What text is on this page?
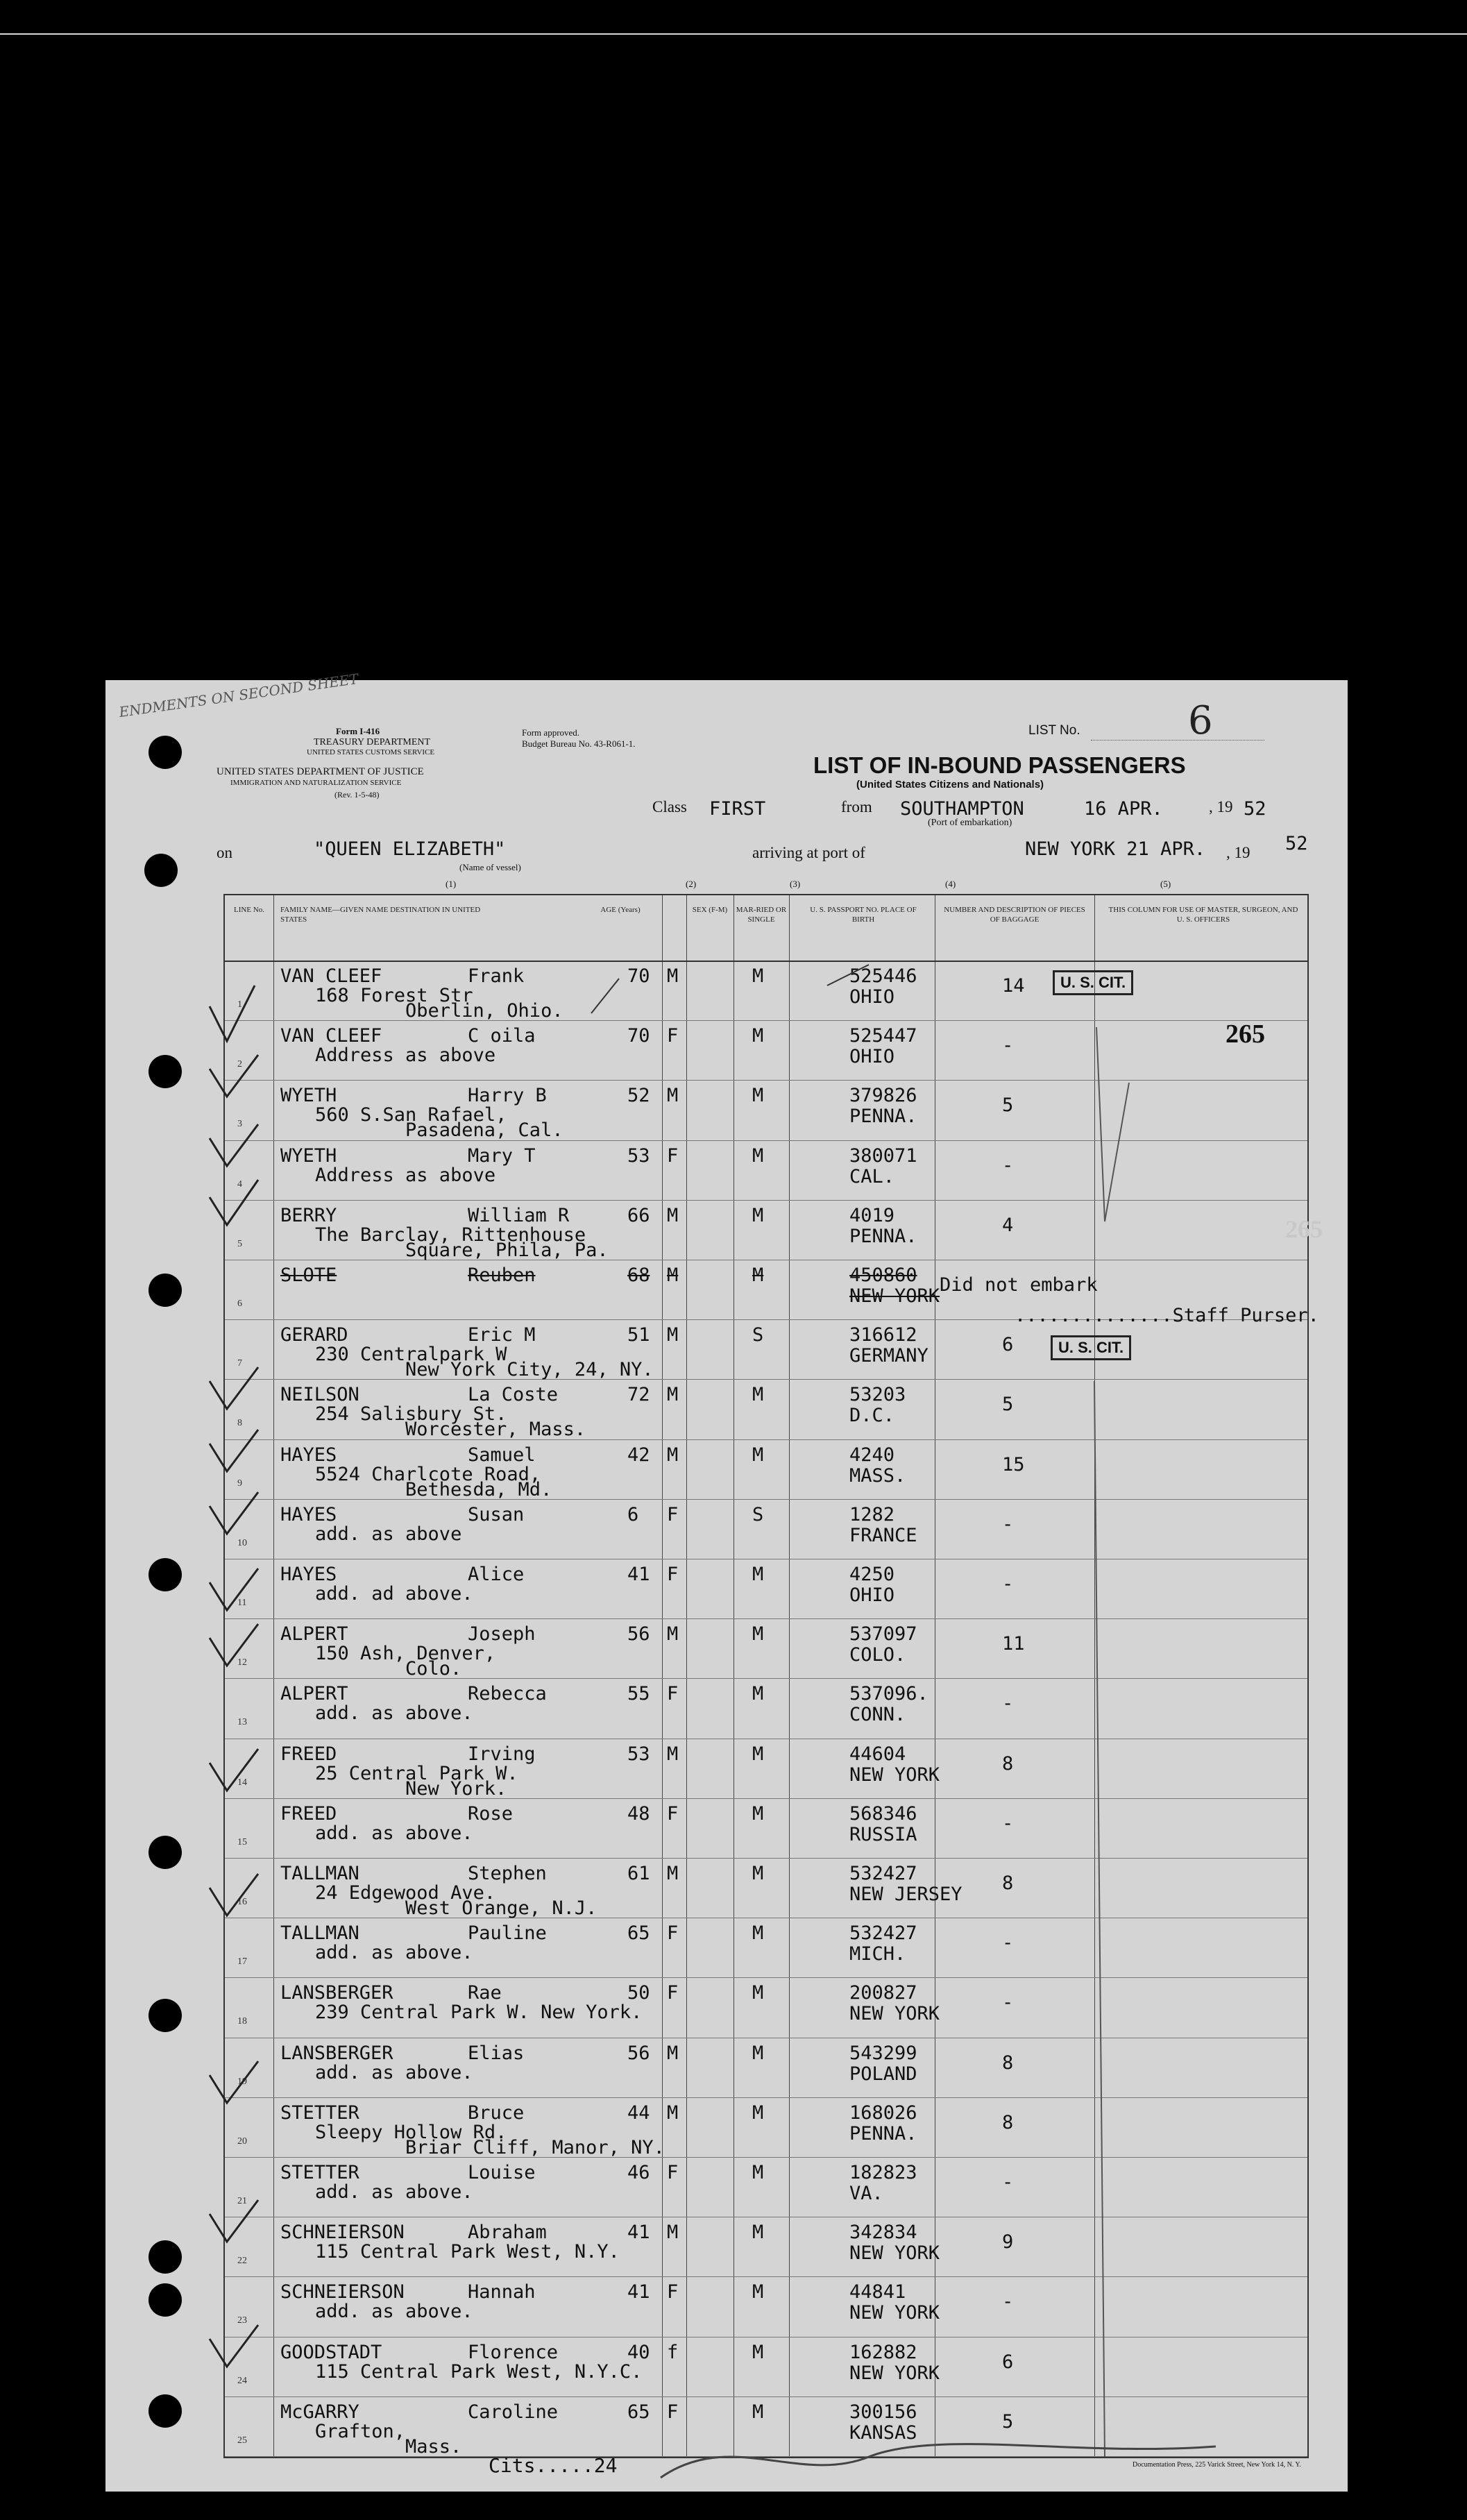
ENDMENTS ON SECOND SHEET
Form I-416
TREASURY DEPARTMENT
UNITED STATES CUSTOMS SERVICE
UNITED STATES DEPARTMENT OF JUSTICE
IMMIGRATION AND NATURALIZATION SERVICE
(Rev. 1-5-48)
Form approved.
Budget Bureau No. 43-R061-1.
LIST No.	6
LIST OF IN-BOUND PASSENGERS
(United States Citizens and Nationals)
Class FIRST	from SOUTHAMPTON
(Port of embarkation)
16 APR.	, 19 52
on	"QUEEN ELIZABETH"
(Name of vessel)
arriving at port of	NEW YORK 21 APR. , 19 52
(1)	(2)	(3)	(4)	(5)
LINE No.	FAMILY NAME—GIVEN NAME DESTINATION IN UNITED STATES
AGE (Years)	SEX (F-M)	MAR-RIED OR SINGLE
U. S. PASSPORT NO. PLACE OF BIRTH
NUMBER AND DESCRIPTION OF PIECES OF BAGGAGE
THIS COLUMN FOR USE OF MASTER, SURGEON, AND U. S. OFFICERS
1
VAN CLEEF	Frank
168 Forest Str
Oberlin, Ohio.
70 M	M	525446
OHIO
14
2
VAN CLEEF	C oila
Address as above
70 F	M	525447
OHIO
-
3
WYETH	Harry B
560 S.San Rafael,
Pasadena, Cal.
52 M	M	379826
PENNA.
5
4
WYETH	Mary T
Address as above
53 F	M	380071
CAL.
-
5
BERRY	William R
The Barclay, Rittenhouse
Square, Phila, Pa.
66 M	M	4019
PENNA.
4
6
SLOTE	Reuben	68 M	M	450860
NEW YORK
Did not embark
7
GERARD	Eric M
230 Centralpark W
New York City, 24, NY.
51 M	S	316612
GERMANY
6
8
NEILSON	La Coste
254 Salisbury St.
Worcester, Mass.
72 M	M	53203
D.C.
5
9
HAYES	Samuel
5524 Charlcote Road,
Bethesda, Md.
42 M	M	4240
MASS.
15
10
HAYES	Susan
add. as above
6 F	S	1282
FRANCE
-
11
HAYES	Alice
add. ad above.
41 F	M	4250
OHIO
-
12
ALPERT	Joseph
150 Ash, Denver,
Colo.
56 M	M	537097
COLO.
11
13
ALPERT	Rebecca
add. as above.
55 F	M	537096.
CONN.
-
14
FREED	Irving
25 Central Park W.
New York.
53 M	M	44604
NEW YORK
8
15
FREED	Rose
add. as above.
48 F	M	568346
RUSSIA
-
16
TALLMAN	Stephen
24 Edgewood Ave.
West Orange, N.J.
61 M	M	532427
NEW JERSEY
8
17
TALLMAN	Pauline
add. as above.
65 F	M	532427
MICH.
-
18
LANSBERGER	Rae
239 Central Park W. New York.
50 F	M	200827
NEW YORK
-
19
LANSBERGER	Elias
add. as above.
56 M	M	543299
POLAND
8
20
STETTER	Bruce
Sleepy Hollow Rd.
Briar Cliff, Manor, NY.
44 M	M	168026
PENNA.
8
21
STETTER	Louise
add. as above.
46 F	M	182823
VA.
-
22
SCHNEIERSON	Abraham
115 Central Park West, N.Y.
41 M	M	342834
NEW YORK
9
23
SCHNEIERSON	Hannah
add. as above.
41 F	M	44841
NEW YORK
-
24
GOODSTADT	Florence
115 Central Park West, N.Y.C.
40 f	M	162882
NEW YORK
6
25
McGARRY	Caroline
Grafton,
Mass.
65 F	M	300156
KANSAS
5
U. S. CIT.
265
265
..............Staff Purser.
U. S. CIT.
Cits.....24	Documentation Press, 225 Varick Street, New York 14, N. Y.
